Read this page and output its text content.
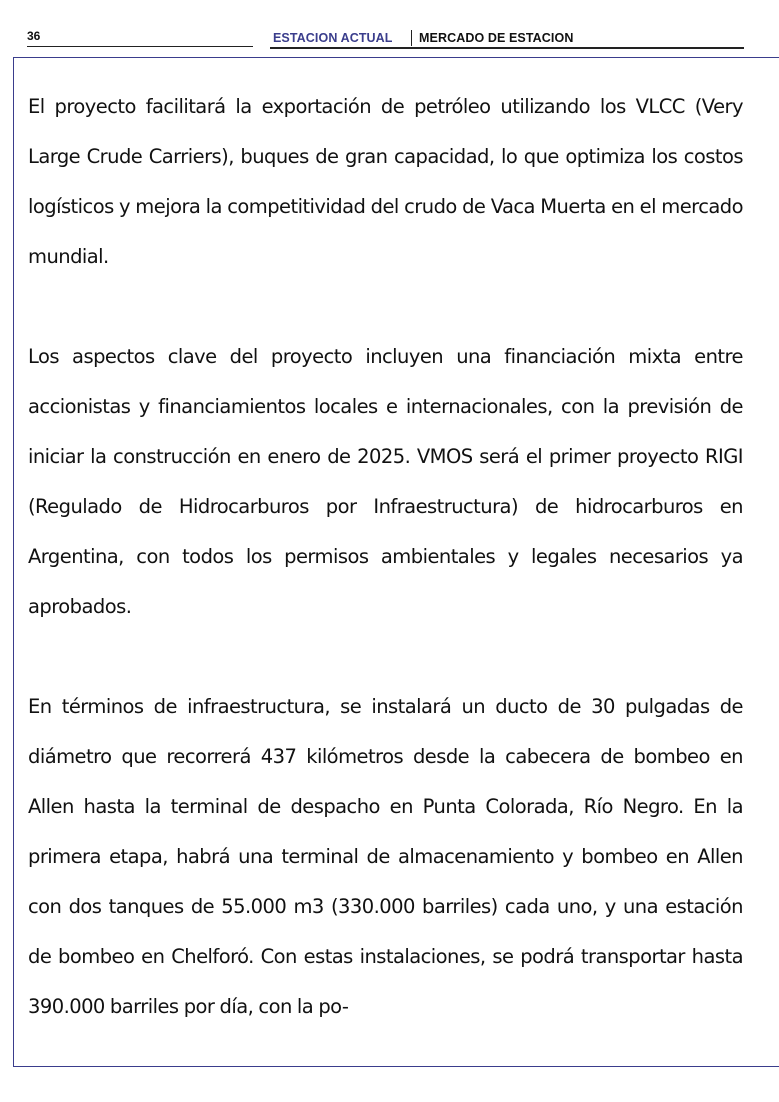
36	ESTACION ACTUAL MERCADO DE ESTACION

El proyecto facilitará la exportación de petróleo utilizando los VLCC (Very Large Crude Carriers), buques de gran capacidad, lo que optimiza los costos logísticos y mejora la competitividad del crudo de Vaca Muerta en el mercado mundial.

Los aspectos clave del proyecto incluyen una financiación mixta entre accionistas y financiamientos locales e internacionales, con la previsión de iniciar la construcción en enero de 2025. VMOS será el primer proyecto RIGI (Regulado de Hidrocarburos por Infraestructura) de hidrocarburos en Argentina, con todos los permisos ambientales y legales necesarios ya aprobados.

En términos de infraestructura, se instalará un ducto de 30 pulgadas de diámetro que recorrerá 437 kilómetros desde la cabecera de bombeo en Allen hasta la terminal de despacho en Punta Colorada, Río Negro. En la primera etapa, habrá una terminal de almacenamiento y bombeo en Allen con dos tanques de 55.000 m3 (330.000 barriles) cada uno, y una estación de bombeo en Chelforó. Con estas instalaciones, se podrá transportar hasta 390.000 barriles por día, con la po-
